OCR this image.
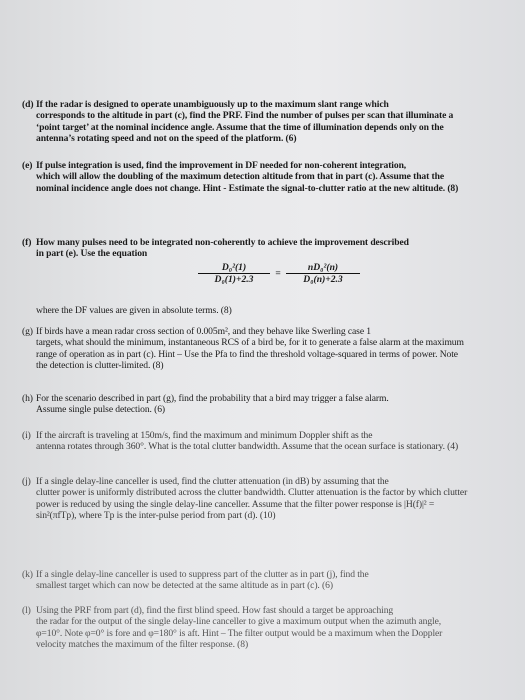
(d) If the radar is designed to operate unambiguously up to the maximum slant range which
corresponds to the altitude in part (c), find the PRF. Find the number of pulses per scan that illuminate a ‘point target’ at the nominal incidence angle. Assume that the time of illumination depends only on the antenna’s rotating speed and not on the speed of the platform. (6)
(e) If pulse integration is used, find the improvement in DF needed for non-coherent integration,
which will allow the doubling of the maximum detection altitude from that in part (c). Assume that the nominal incidence angle does not change. Hint - Estimate the signal-to-clutter ratio at the new altitude. (8)
(f) How many pulses need to be integrated non-coherently to achieve the improvement described
in part (e). Use the equation
$\frac{\text{D₀²(1)}}{\text{D₀(1)+2.3}} = \frac{\text{nD₀²(n)}}{\text{D₀(n)+2.3}}$
where the DF values are given in absolute terms. (8)
(g) If birds have a mean radar cross section of 0.005m², and they behave like Swerling case 1
targets, what should the minimum, instantaneous RCS of a bird be, for it to generate a false alarm at the maximum range of operation as in part (c). Hint – Use the Pfa to find the threshold voltage-squared in terms of power. Note the detection is clutter-limited. (8)
(h) For the scenario described in part (g), find the probability that a bird may trigger a false alarm.
Assume single pulse detection. (6)
(i) If the aircraft is traveling at 150m/s, find the maximum and minimum Doppler shift as the
antenna rotates through 360°. What is the total clutter bandwidth. Assume that the ocean surface is stationary. (4)
(j) If a single delay-line canceller is used, find the clutter attenuation (in dB) by assuming that the
clutter power is uniformly distributed across the clutter bandwidth. Clutter attenuation is the factor by which clutter power is reduced by using the single delay-line canceller. Assume that the filter power response is |H(f)|² = sin²(πfTp), where Tp is the inter-pulse period from part (d). (10)
(k) If a single delay-line canceller is used to suppress part of the clutter as in part (j), find the
smallest target which can now be detected at the same altitude as in part (c). (6)
(l) Using the PRF from part (d), find the first blind speed. How fast should a target be approaching
the radar for the output of the single delay-line canceller to give a maximum output when the azimuth angle, φ=10°. Note φ=0° is fore and φ=180° is aft. Hint – The filter output would be a maximum when the Doppler velocity matches the maximum of the filter response. (8)
